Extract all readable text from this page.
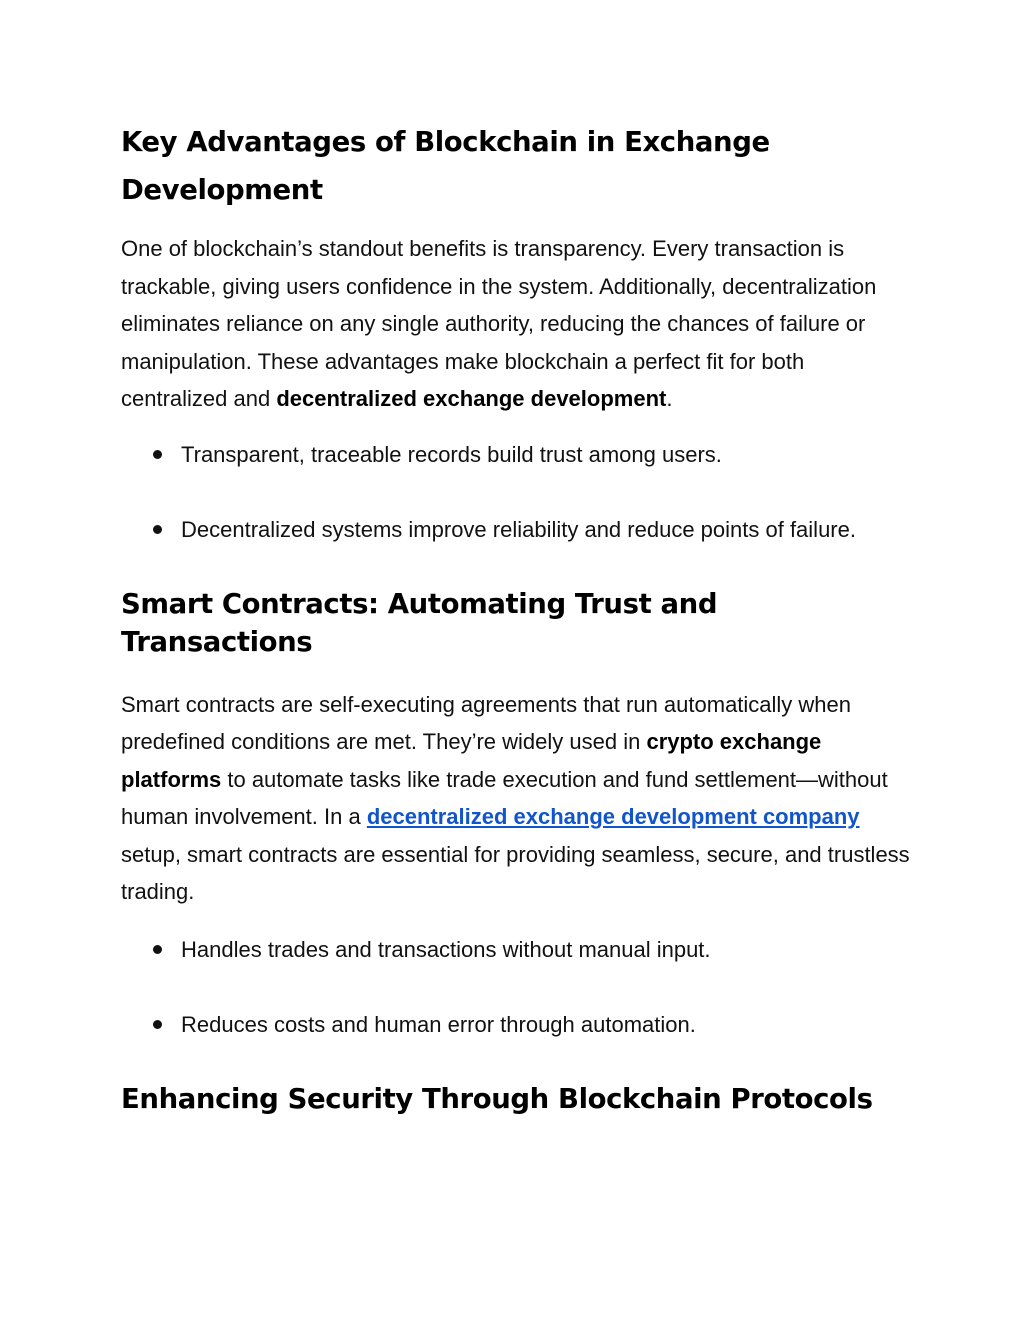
Key Advantages of Blockchain in Exchange Development

One of blockchain’s standout benefits is transparency. Every transaction is trackable, giving users confidence in the system. Additionally, decentralization eliminates reliance on any single authority, reducing the chances of failure or manipulation. These advantages make blockchain a perfect fit for both centralized and decentralized exchange development.

Transparent, traceable records build trust among users.
Decentralized systems improve reliability and reduce points of failure.
Smart Contracts: Automating Trust and Transactions

Smart contracts are self-executing agreements that run automatically when predefined conditions are met. They’re widely used in crypto exchange platforms to automate tasks like trade execution and fund settlement—without human involvement. In a decentralized exchange development company setup, smart contracts are essential for providing seamless, secure, and trustless trading.

Handles trades and transactions without manual input.
Reduces costs and human error through automation.
Enhancing Security Through Blockchain Protocols
